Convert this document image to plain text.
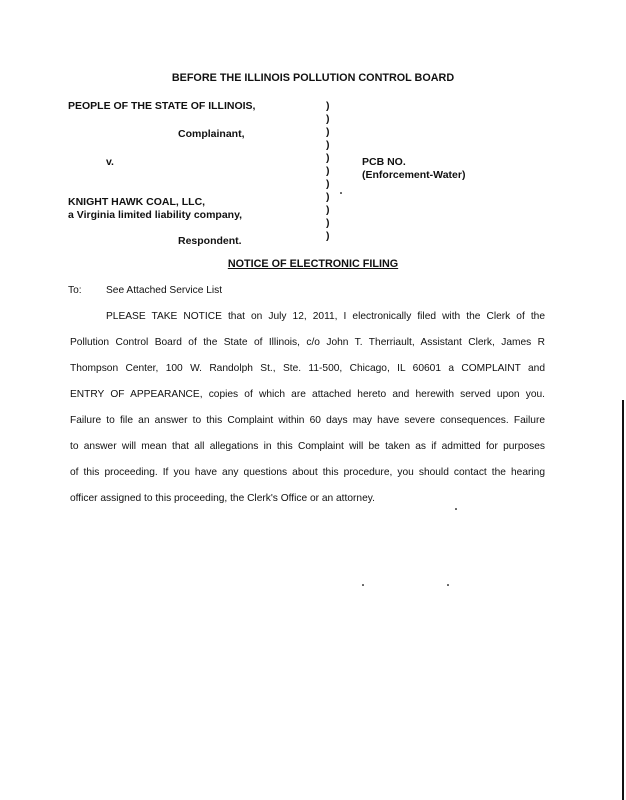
BEFORE THE ILLINOIS POLLUTION CONTROL BOARD
PEOPLE OF THE STATE OF ILLINOIS,
Complainant,
v.	PCB NO.
(Enforcement-Water)
KNIGHT HAWK COAL, LLC,
a Virginia limited liability company,
Respondent.
)
)
)
)
)
)
)
)
)
)
)
NOTICE OF ELECTRONIC FILING
To: See Attached Service List
PLEASE TAKE NOTICE that on July 12, 2011, I electronically filed with the Clerk of the
Pollution Control Board of the State of Illinois, c/o John T. Therriault, Assistant Clerk, James R
Thompson Center, 100 W. Randolph St., Ste. 11-500, Chicago, IL 60601 a COMPLAINT and
ENTRY OF APPEARANCE, copies of which are attached hereto and herewith served upon you.
Failure to file an answer to this Complaint within 60 days may have severe consequences. Failure
to answer will mean that all allegations in this Complaint will be taken as if admitted for purposes
of this proceeding. If you have any questions about this procedure, you should contact the hearing
officer assigned to this proceeding, the Clerk's Office or an attorney.
